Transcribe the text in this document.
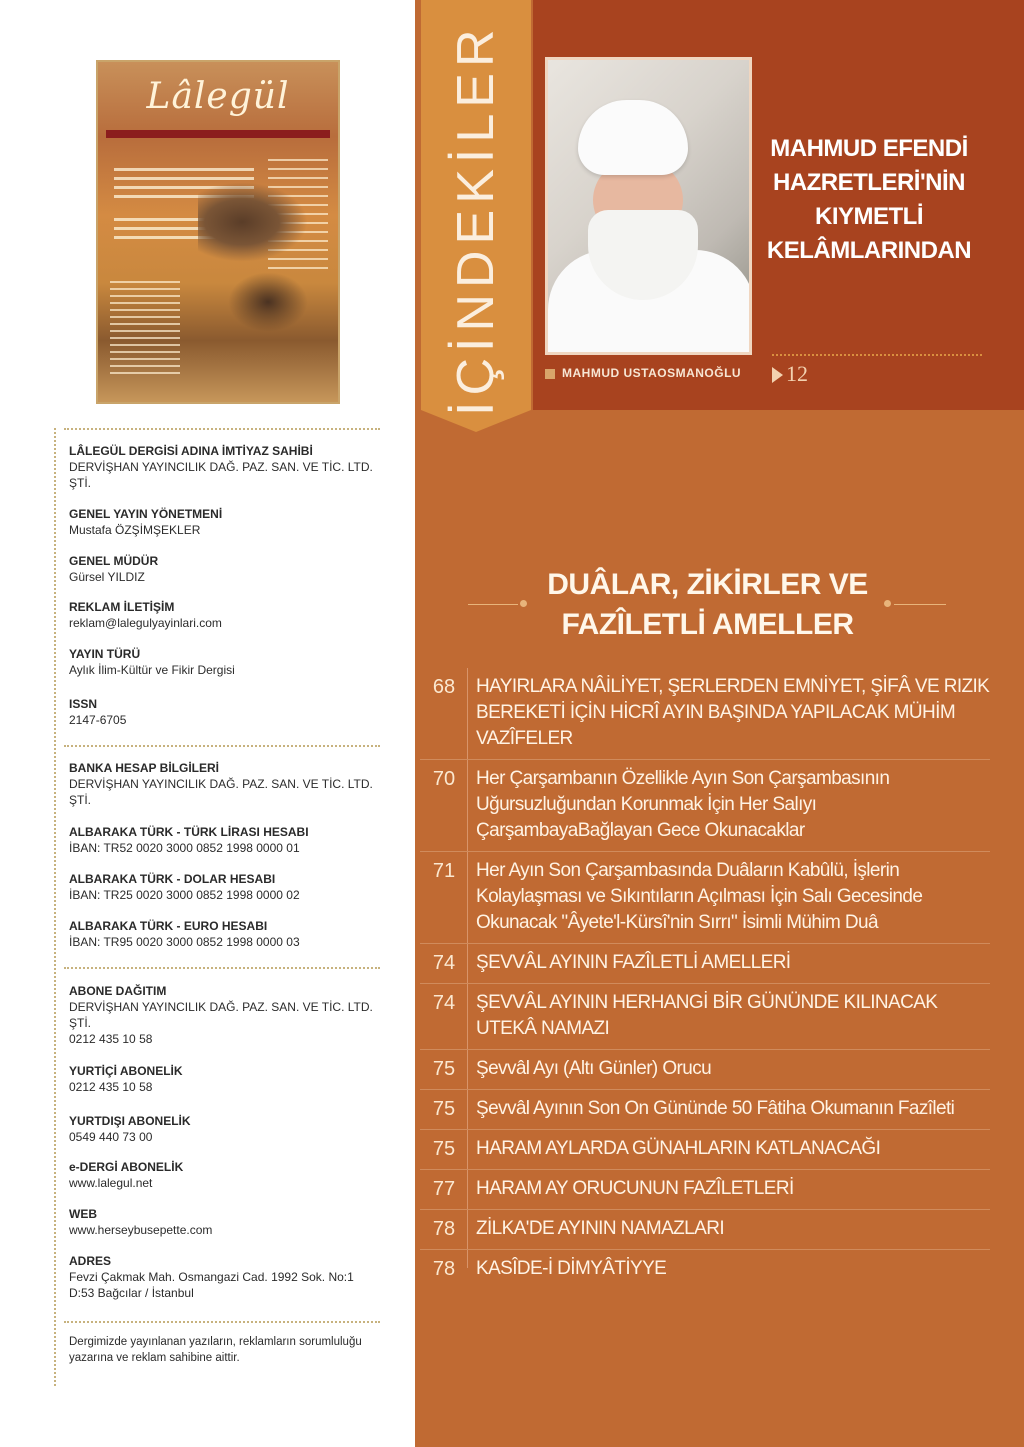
Lâlegül
LÂLEGÜL DERGİSİ ADINA İMTİYAZ SAHİBİ
DERVİŞHAN YAYINCILIK DAĞ. PAZ. SAN. VE TİC. LTD. ŞTİ.
GENEL YAYIN YÖNETMENİ
Mustafa ÖZŞİMŞEKLER
GENEL MÜDÜR
Gürsel YILDIZ
REKLAM İLETİŞİM
reklam@lalegulyayinlari.com
YAYIN TÜRÜ
Aylık İlim-Kültür ve Fikir Dergisi
ISSN
2147-6705
BANKA HESAP BİLGİLERİ
DERVİŞHAN YAYINCILIK DAĞ. PAZ. SAN. VE TİC. LTD. ŞTİ.
ALBARAKA TÜRK - TÜRK LİRASI HESABI
İBAN: TR52 0020 3000 0852 1998 0000 01
ALBARAKA TÜRK - DOLAR HESABI
İBAN: TR25 0020 3000 0852 1998 0000 02
ALBARAKA TÜRK - EURO HESABI
İBAN: TR95 0020 3000 0852 1998 0000 03
ABONE DAĞITIM
DERVİŞHAN YAYINCILIK DAĞ. PAZ. SAN. VE TİC. LTD. ŞTİ.
0212 435 10 58
YURTİÇİ ABONELİK
0212 435 10 58
YURTDIŞI ABONELİK
0549 440 73 00
e-DERGİ ABONELİK
www.lalegul.net
WEB
www.herseybusepette.com
ADRES
Fevzi Çakmak Mah. Osmangazi Cad. 1992 Sok. No:1 D:53 Bağcılar / İstanbul
Dergimizde yayınlanan yazıların, reklamların sorumluluğu yazarına ve reklam sahibine aittir.
İÇİNDEKİLER	MAHMUD EFENDİ HAZRETLERİ'NİN KIYMETLİ KELÂMLARINDAN
MAHMUD USTAOSMANOĞLU 12
DUÂLAR, ZİKİRLER VE
FAZÎLETLİ AMELLER
68	HAYIRLARA NÂİLİYET, ŞERLERDEN EMNİYET, ŞİFÂ VE RIZIK BEREKETİ İÇİN HİCRÎ AYIN BAŞINDA YAPILACAK MÜHİM VAZÎFELER
70	Her Çarşambanın Özellikle Ayın Son Çarşambasının Uğursuzluğundan Korunmak İçin Her Salıyı ÇarşambayaBağlayan Gece Okunacaklar
71	Her Ayın Son Çarşambasında Duâların Kabûlü, İşlerin Kolaylaşması ve Sıkıntıların Açılması İçin Salı Gecesinde Okunacak "Âyete'l-Kürsî'nin Sırrı" İsimli Mühim Duâ
74	ŞEVVÂL AYININ FAZÎLETLİ AMELLERİ
74	ŞEVVÂL AYININ HERHANGİ BİR GÜNÜNDE KILINACAK UTEKÂ NAMAZI
75	Şevvâl Ayı (Altı Günler) Orucu
75	Şevvâl Ayının Son On Gününde 50 Fâtiha Okumanın Fazîleti
75	HARAM AYLARDA GÜNAHLARIN KATLANACAĞI
77	HARAM AY ORUCUNUN FAZÎLETLERİ
78	ZİLKA'DE AYININ NAMAZLARI
78	KASÎDE-İ DİMYÂTİYYE
